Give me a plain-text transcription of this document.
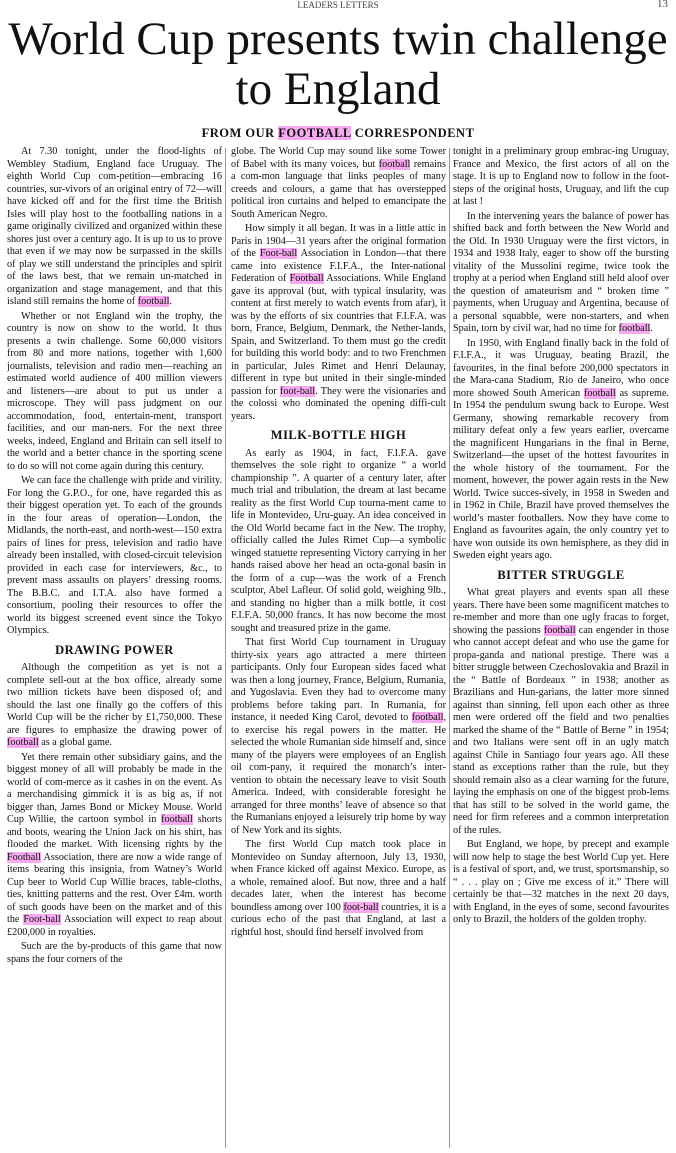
LEADERS LETTERS	13
World Cup presents twin challenge to England
FROM OUR FOOTBALL CORRESPONDENT

At 7.30 tonight, under the flood-lights of Wembley Stadium, England face Uruguay. The eighth World Cup com-petition—embracing 16 countries, sur-vivors of an original entry of 72—will have kicked off and for the first time the British Isles will play host to the footballing nations in a game originally civilized and organized within these shores just over a century ago. It is up to us to prove that even if we may now be surpassed in the skills of play we still understand the principles and spirit of the laws best, that we remain un-matched in organization and stage management, and that this island still remains the home of football.

Whether or not England win the trophy, the country is now on show to the world. It thus presents a twin challenge. Some 60,000 visitors from 80 and more nations, together with 1,600 journalists, television and radio men—reaching an estimated world audience of 400 million viewers and listeners—are about to put us under a microscope. They will pass judgment on our accommodation, food, entertain-ment, transport facilities, and our man-ners. For the next three weeks, indeed, England and Britain can sell itself to the world and a better chance in the sporting scene to do so will not come again during this century.

We can face the challenge with pride and virility. For long the G.P.O., for one, have regarded this as their biggest operation yet. To each of the grounds in the four areas of operation—London, the Midlands, the north-east, and north-west—150 extra pairs of lines for press, television and radio have already been installed, with closed-circuit television provided in each case for interviewers, &c., to prevent mass assaults on players’ dressing rooms. The B.B.C. and I.T.A. also have formed a consortium, pooling their resources to offer the world its biggest screened event since the Tokyo Olympics.

DRAWING POWER

Although the competition as yet is not a complete sell-out at the box office, already some two million tickets have been disposed of; and should the last one finally go the coffers of this World Cup will be the richer by £1,750,000. These are figures to emphasize the drawing power of football as a global game.

Yet there remain other subsidiary gains, and the biggest money of all will probably be made in the world of com-merce as it cashes in on the event. As a merchandising gimmick it is as big as, if not bigger than, James Bond or Mickey Mouse. World Cup Willie, the cartoon symbol in football shorts and boots, wearing the Union Jack on his shirt, has flooded the market. With licensing rights by the Football Association, there are now a wide range of items bearing this insignia, from Watney’s World Cup beer to World Cup Willie braces, table-cloths, ties, knitting patterns and the rest. Over £4m. worth of such goods have been on the market and of this the Foot-ball Association will expect to reap about £200,000 in royalties.

Such are the by-products of this game that now spans the four corners of the

globe. The World Cup may sound like some Tower of Babel with its many voices, but football remains a com-mon language that links peoples of many creeds and colours, a game that has overstepped political iron curtains and helped to emancipate the South American Negro.

How simply it all began. It was in a little attic in Paris in 1904—31 years after the original formation of the Foot-ball Association in London—that there came into existence F.I.F.A., the Inter-national Federation of Football Associations. While England gave its approval (but, with typical insularity, was content at first merely to watch events from afar), it was by the efforts of six countries that F.I.F.A. was born, France, Belgium, Denmark, the Nether-lands, Spain, and Switzerland. To them must go the credit for building this world body: and to two Frenchmen in particular, Jules Rimet and Henri Delaunay, different in type but united in their single-minded passion for foot-ball. They were the visionaries and the colossi who dominated the opening diffi-cult years.

MILK-BOTTLE HIGH

As early as 1904, in fact, F.I.F.A. gave themselves the sole right to organize “ a world championship ”. A quarter of a century later, after much trial and tribulation, the dream at last became reality as the first World Cup tourna-ment came to life in Montevideo, Uru-guay. An idea conceived in the Old World became fact in the New. The trophy, officially called the Jules Rimet Cup—a symbolic winged statuette representing Victory carrying in her hands raised above her head an octa-gonal basin in the form of a cup—was the work of a French sculptor, Abel Lafleur. Of solid gold, weighing 9lb., and standing no higher than a milk bottle, it cost F.I.F.A. 50,000 francs. It has now become the most sought and treasured prize in the game.

That first World Cup tournament in Uruguay thirty-six years ago attracted a mere thirteen participants. Only four European sides faced what was then a long journey, France, Belgium, Rumania, and Yugoslavia. Even they had to overcome many problems before taking part. In Rumania, for instance, it needed King Carol, devoted to football, to exercise his regal powers in the matter. He selected the whole Rumanian side himself and, since many of the players were employees of an English oil com-pany, it required the monarch’s inter-vention to obtain the necessary leave to visit South America. Indeed, with considerable foresight he arranged for three months’ leave of absence so that the Rumanians enjoyed a leisurely trip home by way of New York and its sights.

The first World Cup match took place in Montevideo on Sunday afternoon, July 13, 1930, when France kicked off against Mexico. Europe, as a whole, remained aloof. But now, three and a half decades later, when the interest has become boundless among over 100 foot-ball countries, it is a curious echo of the past that England, at last a rightful host, should find herself involved from

tonight in a preliminary group embrac-ing Uruguay, France and Mexico, the first actors of all on the stage. It is up to England now to follow in the foot-steps of the original hosts, Uruguay, and lift the cup at last !

In the intervening years the balance of power has shifted back and forth between the New World and the Old. In 1930 Uruguay were the first victors, in 1934 and 1938 Italy, eager to show off the bursting vitality of the Mussolini regime, twice took the trophy at a period when England still held aloof over the question of amateurism and “ broken time ” payments, when Uruguay and Argentina, because of a personal squabble, were non-starters, and when Spain, torn by civil war, had no time for football.

In 1950, with England finally back in the fold of F.I.F.A., it was Uruguay, beating Brazil, the favourites, in the final before 200,000 spectators in the Mara-cana Stadium, Rio de Janeiro, who once more showed South American football as supreme. In 1954 the pendulum swung back to Europe. West Germany, showing remarkable recovery from military defeat only a few years earlier, overcame the magnificent Hungarians in the final in Berne, Switzerland—the upset of the hottest favourites in the whole history of the tournament. For the moment, however, the power again rests in the New World. Twice succes-sively, in 1958 in Sweden and in 1962 in Chile, Brazil have proved themselves the world’s master footballers. Now they have come to England as favourites again, the only country yet to have won outside its own hemisphere, as they did in Sweden eight years ago.

BITTER STRUGGLE

What great players and events span all these years. There have been some magnificent matches to re-member and more than one ugly fracas to forget, showing the passions football can engender in those who cannot accept defeat and who use the game for propa-ganda and national prestige. There was a bitter struggle between Czechoslovakia and Brazil in the “ Battle of Bordeaux ” in 1938; another as Brazilians and Hun-garians, the latter more sinned against than sinning, fell upon each other as three men were ordered off the field and two penalties marked the shame of the “ Battle of Berne ” in 1954; and two Italians were sent off in an ugly match against Chile in Santiago four years ago. All these stand as exceptions rather than the rule, but they should remain also as a clear warning for the future, laying the emphasis on one of the biggest prob-lems that has still to be solved in the world game, the need for firm referees and a common interpretation of the rules.

But England, we hope, by precept and example will now help to stage the best World Cup yet. Here is a festival of sport, and, we trust, sportsmanship, so “ . . . play on ; Give me excess of it.” There will certainly be that—32 matches in the next 20 days, with England, in the eyes of some, second favourites only to Brazil, the holders of the golden trophy.
